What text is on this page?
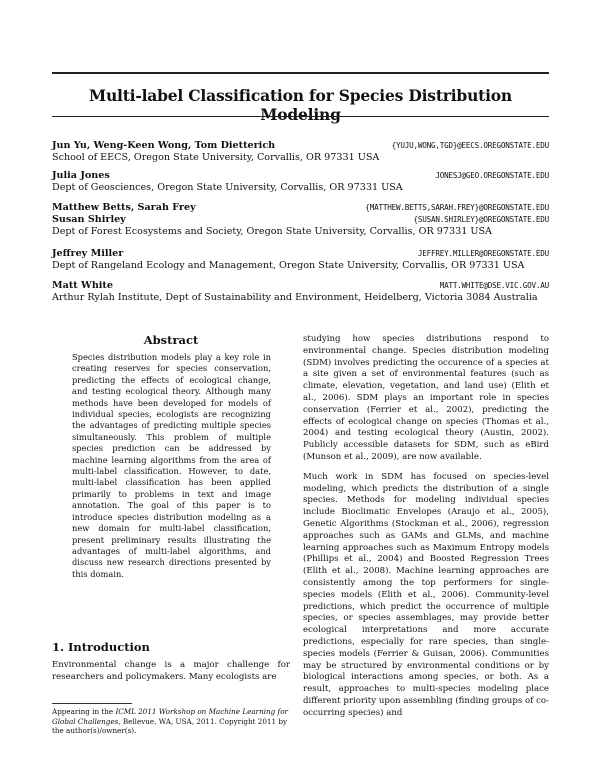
Multi-label Classification for Species Distribution Modeling
Jun Yu, Weng-Keen Wong, Tom Dietterich	{YUJU,WONG,TGD}@EECS.OREGONSTATE.EDU
School of EECS, Oregon State University, Corvallis, OR 97331 USA
Julia Jones	JONESJ@GEO.OREGONSTATE.EDU
Dept of Geosciences, Oregon State University, Corvallis, OR 97331 USA
Matthew Betts, Sarah Frey	{MATTHEW.BETTS,SARAH.FREY}@OREGONSTATE.EDU
Susan Shirley	{SUSAN.SHIRLEY}@OREGONSTATE.EDU
Dept of Forest Ecosystems and Society, Oregon State University, Corvallis, OR 97331 USA
Jeffrey Miller	JEFFREY.MILLER@OREGONSTATE.EDU
Dept of Rangeland Ecology and Management, Oregon State University, Corvallis, OR 97331 USA
Matt White	MATT.WHITE@DSE.VIC.GOV.AU
Arthur Rylah Institute, Dept of Sustainability and Environment, Heidelberg, Victoria 3084 Australia
Abstract
Species distribution models play a key role in creating reserves for species conservation, predicting the effects of ecological change, and testing ecological theory. Although many methods have been developed for models of individual species, ecologists are recognizing the advantages of predicting multiple species simultaneously. This problem of multiple species prediction can be addressed by machine learning algorithms from the area of multi-label classification. However, to date, multi-label classification has been applied primarily to problems in text and image annotation. The goal of this paper is to introduce species distribution modeling as a new domain for multi-label classification, present preliminary results illustrating the advantages of multi-label algorithms, and discuss new research directions presented by this domain.
1. Introduction
Environmental change is a major challenge for researchers and policymakers. Many ecologists are
Appearing in the ICML 2011 Workshop on Machine Learning for Global Challenges, Bellevue, WA, USA, 2011. Copyright 2011 by the author(s)/owner(s).

studying how species distributions respond to environmental change. Species distribution modeling (SDM) involves predicting the occurence of a species at a site given a set of environmental features (such as climate, elevation, vegetation, and land use) (Elith et al., 2006). SDM plays an important role in species conservation (Ferrier et al., 2002), predicting the effects of ecological change on species (Thomas et al., 2004) and testing ecological theory (Austin, 2002). Publicly accessible datasets for SDM, such as eBird (Munson et al., 2009), are now available.

Much work in SDM has focused on species-level modeling, which predicts the distribution of a single species. Methods for modeling individual species include Bioclimatic Envelopes (Araujo et al., 2005), Genetic Algorithms (Stockman et al., 2006), regression approaches such as GAMs and GLMs, and machine learning approaches such as Maximum Entropy models (Phillips et al., 2004) and Boosted Regression Trees (Elith et al., 2008). Machine learning approaches are consistently among the top performers for single-species models (Elith et al., 2006). Community-level predictions, which predict the occurrence of multiple species, or species assemblages, may provide better ecological interpretations and more accurate predictions, especially for rare species, than single-species models (Ferrier & Guisan, 2006). Communities may be structured by environmental conditions or by biological interactions among species, or both. As a result, approaches to multi-species modeling place different priority upon assembling (finding groups of co-occurring species) and
